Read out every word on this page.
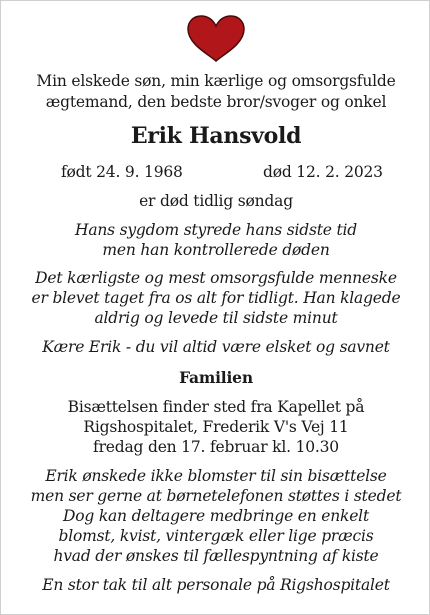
Min elskede søn, min kærlige og omsorgsfulde
ægtemand, den bedste bror/svoger og onkel
Erik Hansvold
født 24. 9. 1968	død 12. 2. 2023
er død tidlig søndag
Hans sygdom styrede hans sidste tid
men han kontrollerede døden
Det kærligste og mest omsorgsfulde menneske
er blevet taget fra os alt for tidligt. Han klagede
aldrig og levede til sidste minut
Kære Erik - du vil altid være elsket og savnet
Familien
Bisættelsen finder sted fra Kapellet på
Rigshospitalet, Frederik V's Vej 11
fredag den 17. februar kl. 10.30
Erik ønskede ikke blomster til sin bisættelse
men ser gerne at børnetelefonen støttes i stedet
Dog kan deltagere medbringe en enkelt
blomst, kvist, vintergæk eller lige præcis
hvad der ønskes til fællespyntning af kiste
En stor tak til alt personale på Rigshospitalet
